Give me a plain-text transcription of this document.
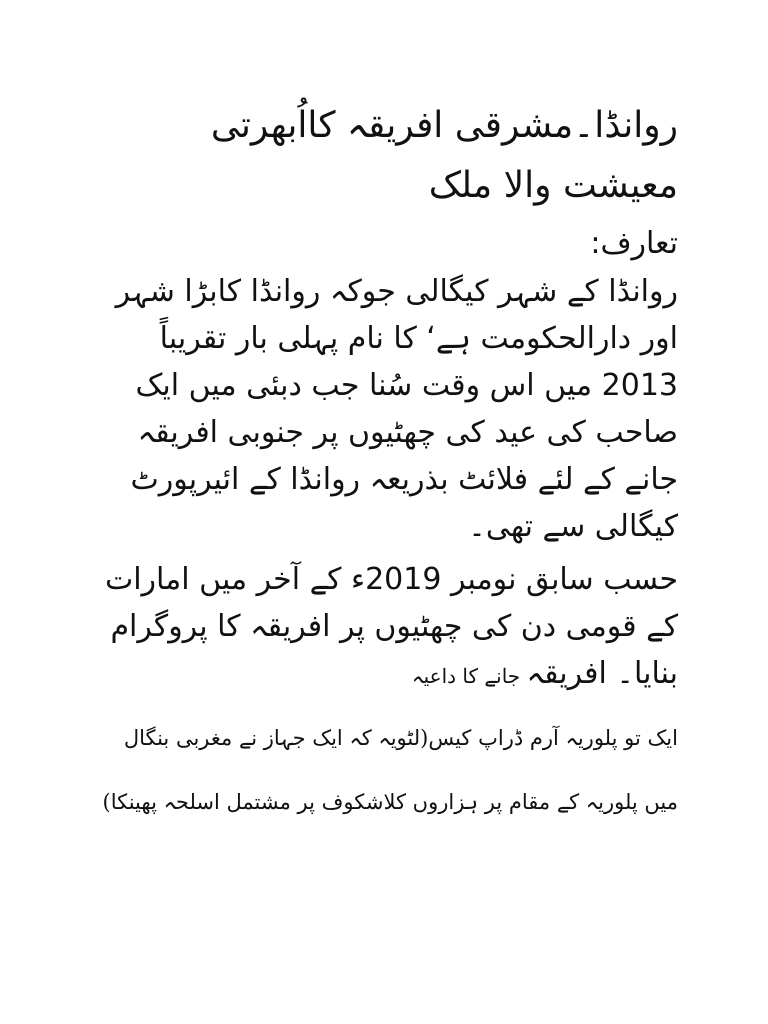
روانڈا۔مشرقی افریقہ کااُبھرتی معیشت والا ملک

تعارف:

روانڈا کے شہر کیگالی جوکہ روانڈا کابڑا شہر اور دارالحکومت ہے‘ کا نام پہلی بار تقریباً 2013 میں اس وقت سُنا جب دبئی میں ایک صاحب کی عید کی چھٹیوں پر جنوبی افریقہ جانے کے لئے فلائٹ بذریعہ روانڈا کے ائیرپورٹ کیگالی سے تھی۔

حسب سابق نومبر 2019ء کے آخر میں امارات کے قومی دن کی چھٹیوں پر افریقہ کا پروگرام بنایا۔ افریقہ جانے کا داعیہ

ایک تو پلوریہ آرم ڈراپ کیس(لٹویہ کہ ایک جہاز نے مغربی بنگال

میں پلوریہ کے مقام پر ہزاروں کلاشکوف پر مشتمل اسلحہ پھینکا)
